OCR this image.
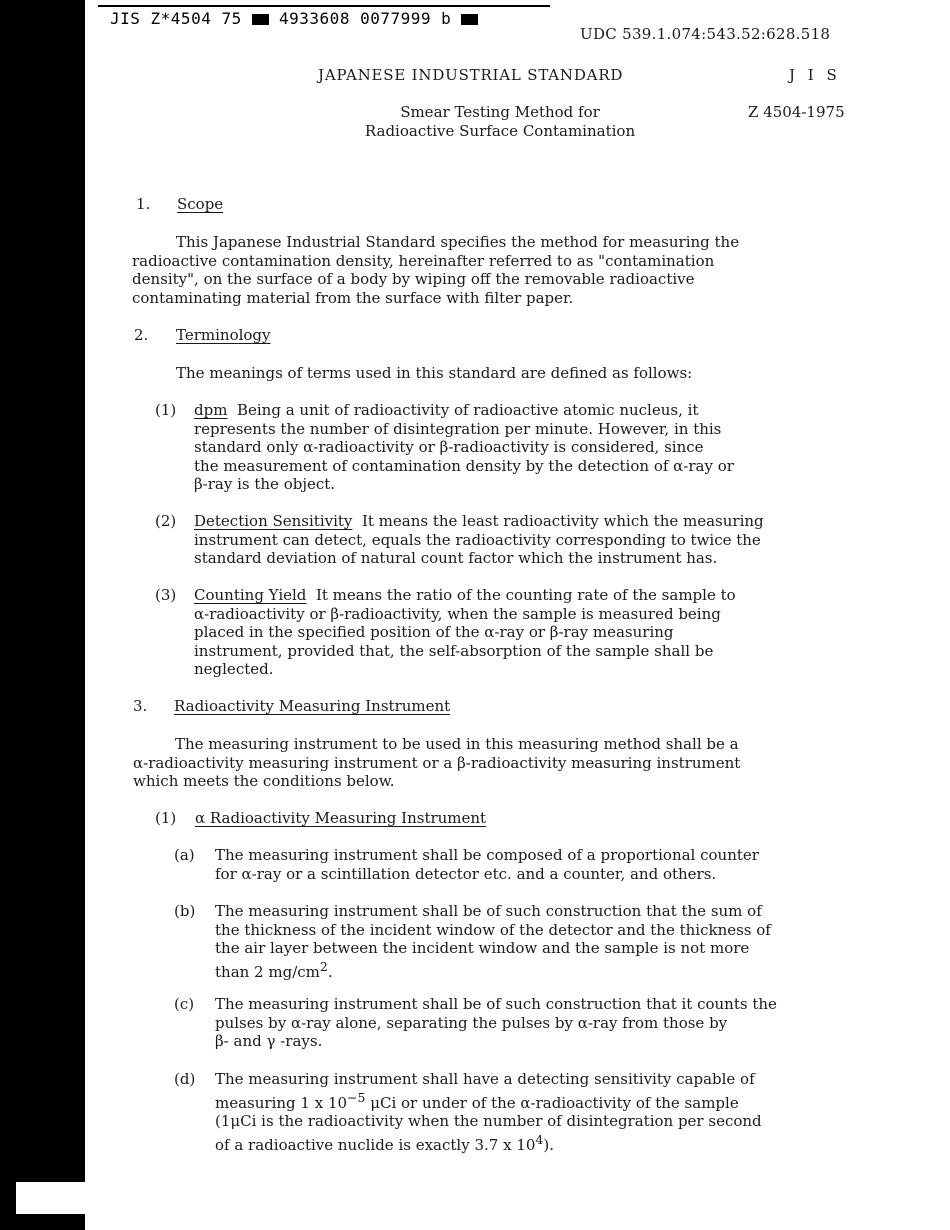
JIS Z*4504 75 4933608 0077999 b
UDC 539.1.074:543.52:628.518
JAPANESE INDUSTRIAL STANDARD	J I S
Smear Testing Method for
Radioactive Surface Contamination
Z 4504-1975
1. Scope
This Japanese Industrial Standard specifies the method for measuring the
radioactive contamination density, hereinafter referred to as "contamination
density", on the surface of a body by wiping off the removable radioactive
contaminating material from the surface with filter paper.
2. Terminology
The meanings of terms used in this standard are defined as follows:
(1) dpm Being a unit of radioactivity of radioactive atomic nucleus, it
represents the number of disintegration per minute. However, in this
standard only α-radioactivity or β-radioactivity is considered, since
the measurement of contamination density by the detection of α-ray or
β-ray is the object.
(2) Detection Sensitivity It means the least radioactivity which the measuring
instrument can detect, equals the radioactivity corresponding to twice the
standard deviation of natural count factor which the instrument has.
(3) Counting Yield It means the ratio of the counting rate of the sample to
α-radioactivity or β-radioactivity, when the sample is measured being
placed in the specified position of the α-ray or β-ray measuring
instrument, provided that, the self-absorption of the sample shall be
neglected.
3. Radioactivity Measuring Instrument
The measuring instrument to be used in this measuring method shall be a
α-radioactivity measuring instrument or a β-radioactivity measuring instrument
which meets the conditions below.
(1) α Radioactivity Measuring Instrument
(a) The measuring instrument shall be composed of a proportional counter
for α-ray or a scintillation detector etc. and a counter, and others.
(b) The measuring instrument shall be of such construction that the sum of
the thickness of the incident window of the detector and the thickness of
the air layer between the incident window and the sample is not more
than 2 $mg/cm^2$.
(c) The measuring instrument shall be of such construction that it counts the
pulses by α-ray alone, separating the pulses by α-ray from those by
β- and γ -rays.
(d) The measuring instrument shall have a detecting sensitivity capable of
measuring 1 x $10^{-5}$ μCi or under of the α-radioactivity of the sample
(1μCi is the radioactivity when the number of disintegration per second
of a radioactive nuclide is exactly 3.7 x $10^4$).
